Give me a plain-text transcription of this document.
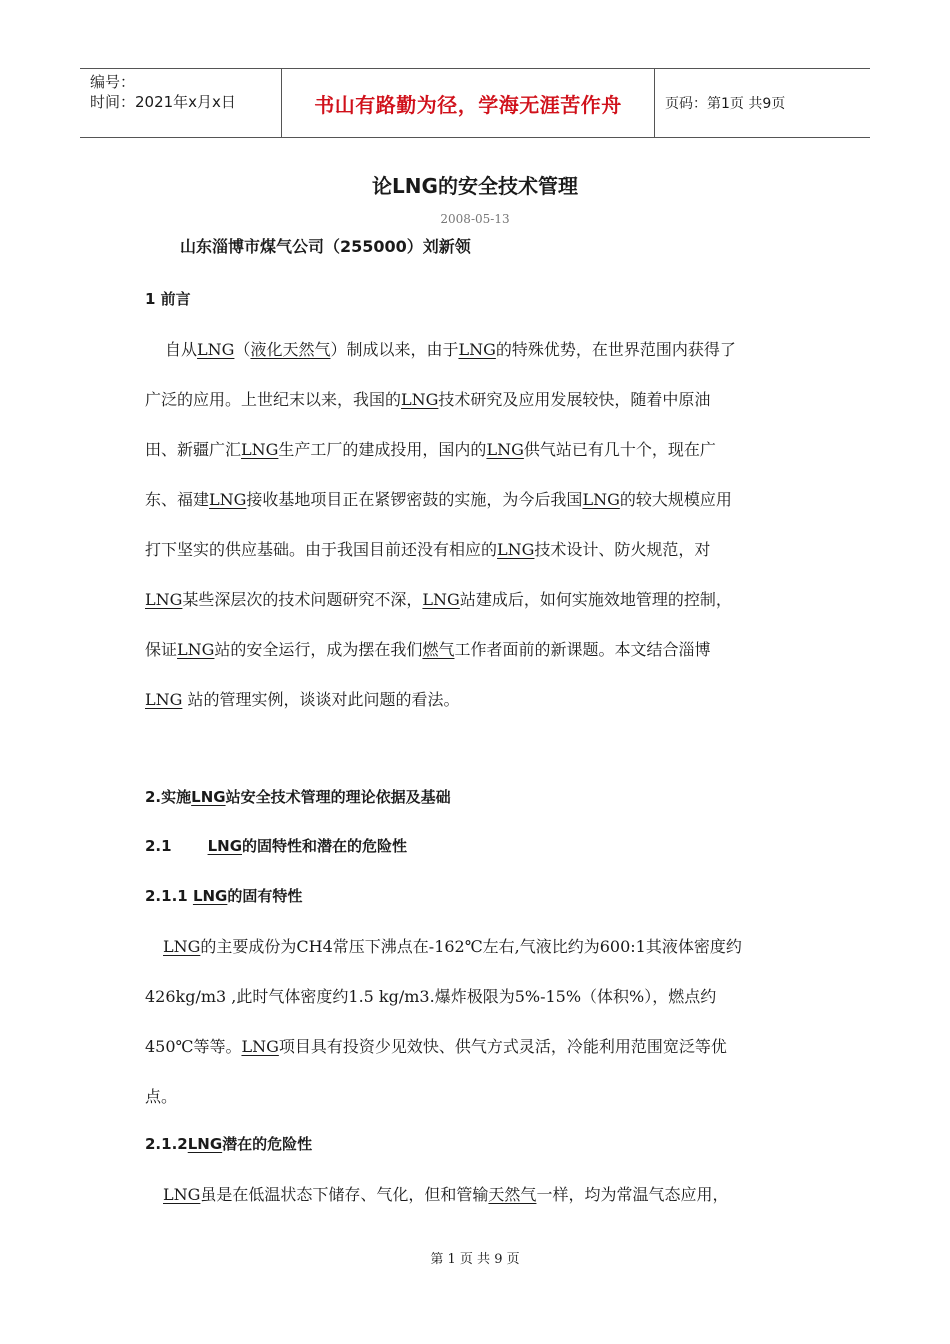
编号：
时间：2021年x月x日	书山有路勤为径，学海无涯苦作舟	页码：第1页 共9页
论LNG的安全技术管理
2008-05-13
山东淄博市煤气公司（255000）刘新领
1 前言
自从LNG（液化天然气）制成以来，由于LNG的特殊优势，在世界范围内获得了
广泛的应用。上世纪末以来，我国的LNG技术研究及应用发展较快，随着中原油
田、新疆广汇LNG生产工厂的建成投用，国内的LNG供气站已有几十个，现在广
东、福建LNG接收基地项目正在紧锣密鼓的实施，为今后我国LNG的较大规模应用
打下坚实的供应基础。由于我国目前还没有相应的LNG技术设计、防火规范，对
LNG某些深层次的技术问题研究不深，LNG站建成后，如何实施效地管理的控制，
保证LNG站的安全运行，成为摆在我们燃气工作者面前的新课题。本文结合淄博
LNG 站的管理实例，谈谈对此问题的看法。
2.实施LNG站安全技术管理的理论依据及基础
2.1 LNG的固特性和潜在的危险性
2.1.1 LNG的固有特性
LNG的主要成份为CH4常压下沸点在-162℃左右,气液比约为600:1其液体密度约
426kg/m3 ,此时气体密度约1.5 kg/m3.爆炸极限为5%-15%（体积%），燃点约
450℃等等。LNG项目具有投资少见效快、供气方式灵活，冷能利用范围宽泛等优
点。
2.1.2LNG潜在的危险性
LNG虽是在低温状态下储存、气化，但和管输天然气一样，均为常温气态应用，
第 1 页 共 9 页
